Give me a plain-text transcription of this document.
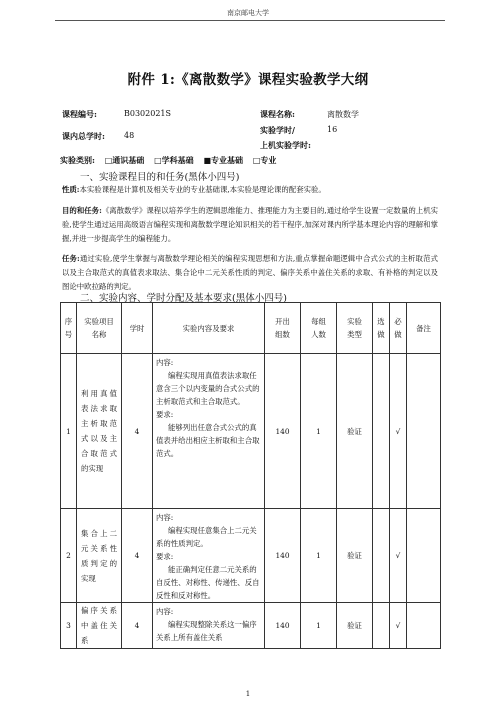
南京邮电大学
附件 1:《离散数学》课程实验教学大纲
课程编号:	B0302021S	课程名称:	离散数学
课内总学时: 48
实验学时/	16
上机实验学时:
实验类别: □通识基础 □学科基础 ■专业基础 □专业
一、实验课程目的和任务(黑体小四号)
性质:本实验课程是计算机及相关专业的专业基础课,本实验是理论课的配套实验。
目的和任务:《离散数学》课程以培养学生的逻辑思维能力、推理能力为主要目的,通过给学生设置一定数量的上机实验,使学生通过运用高级语言编程实现和离散数学理论知识相关的若干程序,加深对课内所学基本理论内容的理解和掌握,并进一步提高学生的编程能力。
任务:通过实验,使学生掌握与离散数学理论相关的编程实现思想和方法,重点掌握命题逻辑中合式公式的主析取范式以及主合取范式的真值表求取法、集合论中二元关系性质的判定、偏序关系中盖住关系的求取、有补格的判定以及图论中欧拉路的判定。
二、实验内容、学时分配及基本要求(黑体小四号)
序号	实验项目名称	学时	实验内容及要求	开出组数	每组人数	实验类型	选做	必做	备注
1	利用真值表法求取主析取范式以及主合取范式的实现	4	内容:
编程实现用真值表法求取任意含三个以内变量的合式公式的主析取范式和主合取范式。
要求:
能够列出任意合式公式的真值表并给出相应主析取和主合取范式。	140	1	验证		√	
2	集合上二元关系性质判定的实现	4	内容:
编程实现任意集合上二元关系的性质判定。
要求:
能正确判定任意二元关系的自反性、对称性、传递性、反自反性和反对称性。	140	1	验证		√	
3	偏序关系中盖住关系	4	内容:
编程实现整除关系这一偏序关系上所有盖住关系	140	1	验证		√	
1
